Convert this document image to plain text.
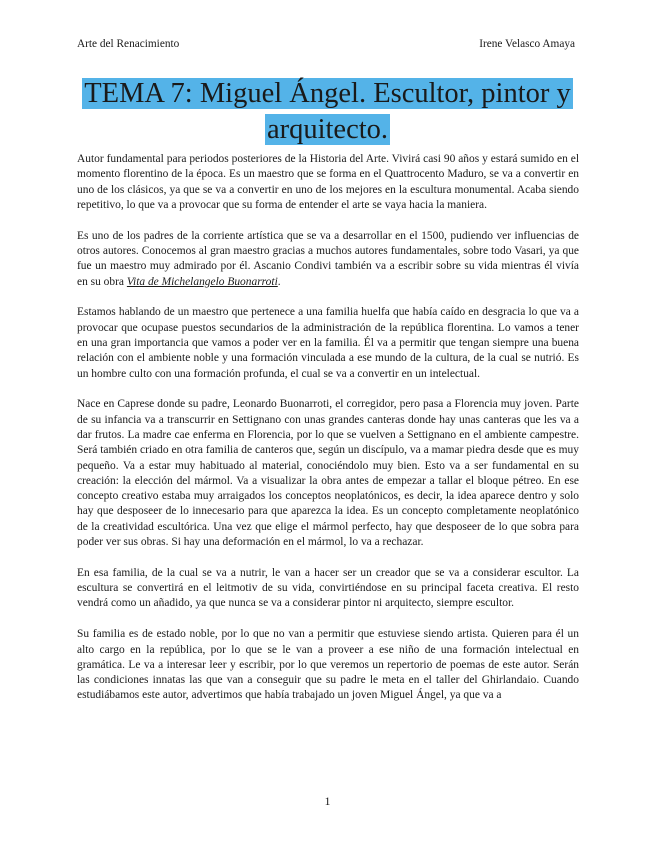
Arte del Renacimiento	Irene Velasco Amaya
TEMA 7: Miguel Ángel. Escultor, pintor y
arquitecto.

Autor fundamental para periodos posteriores de la Historia del Arte. Vivirá casi 90 años y estará sumido en el momento florentino de la época. Es un maestro que se forma en el Quattrocento Maduro, se va a convertir en uno de los clásicos, ya que se va a convertir en uno de los mejores en la escultura monumental. Acaba siendo repetitivo, lo que va a provocar que su forma de entender el arte se vaya hacia la maniera.

Es uno de los padres de la corriente artística que se va a desarrollar en el 1500, pudiendo ver influencias de otros autores. Conocemos al gran maestro gracias a muchos autores fundamentales, sobre todo Vasari, ya que fue un maestro muy admirado por él. Ascanio Condivi también va a escribir sobre su vida mientras él vivía en su obra Vita de Michelangelo Buonarroti.

Estamos hablando de un maestro que pertenece a una familia huelfa que había caído en desgracia lo que va a provocar que ocupase puestos secundarios de la administración de la república florentina. Lo vamos a tener en una gran importancia que vamos a poder ver en la familia. Él va a permitir que tengan siempre una buena relación con el ambiente noble y una formación vinculada a ese mundo de la cultura, de la cual se nutrió. Es un hombre culto con una formación profunda, el cual se va a convertir en un intelectual.

Nace en Caprese donde su padre, Leonardo Buonarroti, el corregidor, pero pasa a Florencia muy joven. Parte de su infancia va a transcurrir en Settignano con unas grandes canteras donde hay unas canteras que les va a dar frutos. La madre cae enferma en Florencia, por lo que se vuelven a Settignano en el ambiente campestre. Será también criado en otra familia de canteros que, según un discípulo, va a mamar piedra desde que es muy pequeño. Va a estar muy habituado al material, conociéndolo muy bien. Esto va a ser fundamental en su creación: la elección del mármol. Va a visualizar la obra antes de empezar a tallar el bloque pétreo. En ese concepto creativo estaba muy arraigados los conceptos neoplatónicos, es decir, la idea aparece dentro y solo hay que desposeer de lo innecesario para que aparezca la idea. Es un concepto completamente neoplatónico de la creatividad escultórica. Una vez que elige el mármol perfecto, hay que desposeer de lo que sobra para poder ver sus obras. Si hay una deformación en el mármol, lo va a rechazar.

En esa familia, de la cual se va a nutrir, le van a hacer ser un creador que se va a considerar escultor. La escultura se convertirá en el leitmotiv de su vida, convirtiéndose en su principal faceta creativa. El resto vendrá como un añadido, ya que nunca se va a considerar pintor ni arquitecto, siempre escultor.

Su familia es de estado noble, por lo que no van a permitir que estuviese siendo artista. Quieren para él un alto cargo en la república, por lo que se le van a proveer a ese niño de una formación intelectual en gramática. Le va a interesar leer y escribir, por lo que veremos un repertorio de poemas de este autor. Serán las condiciones innatas las que van a conseguir que su padre le meta en el taller del Ghirlandaio. Cuando estudiábamos este autor, advertimos que había trabajado un joven Miguel Ángel, ya que va a

1
